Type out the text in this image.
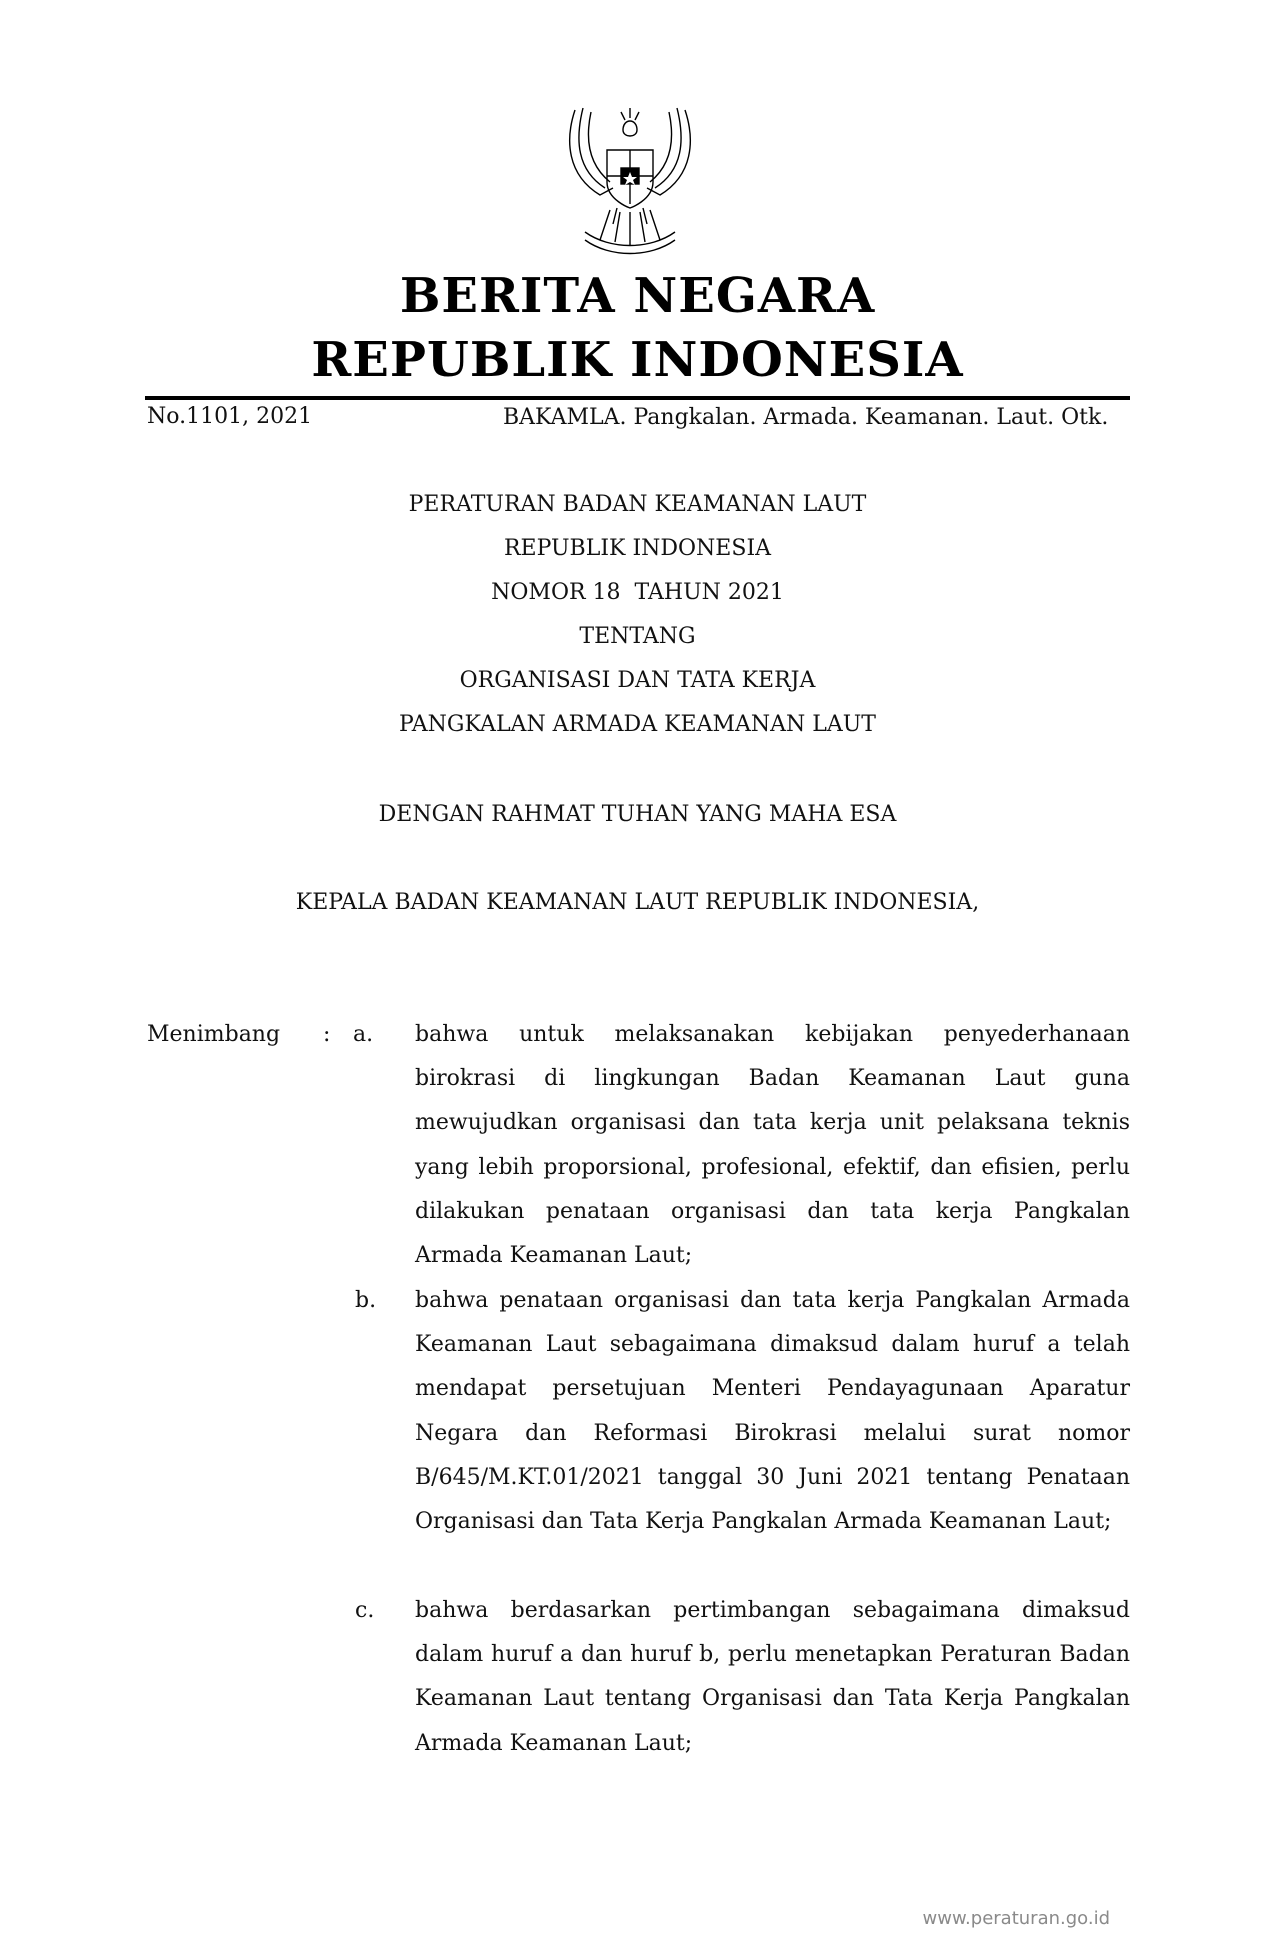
BERITA NEGARA
REPUBLIK INDONESIA
No.1101, 2021	BAKAMLA. Pangkalan. Armada. Keamanan. Laut. Otk.
PERATURAN BADAN KEAMANAN LAUT
REPUBLIK INDONESIA
NOMOR 18  TAHUN 2021
TENTANG
ORGANISASI DAN TATA KERJA
PANGKALAN ARMADA KEAMANAN LAUT
DENGAN RAHMAT TUHAN YANG MAHA ESA
KEPALA BADAN KEAMANAN LAUT REPUBLIK INDONESIA,
Menimbang : a. bahwa untuk melaksanakan kebijakan penyederhanaan birokrasi di lingkungan Badan Keamanan Laut guna mewujudkan organisasi dan tata kerja unit pelaksana teknis yang lebih proporsional, profesional, efektif, dan efisien, perlu dilakukan penataan organisasi dan tata kerja Pangkalan Armada Keamanan Laut;
b. bahwa penataan organisasi dan tata kerja Pangkalan Armada Keamanan Laut sebagaimana dimaksud dalam huruf a telah mendapat persetujuan Menteri Pendayagunaan Aparatur Negara dan Reformasi Birokrasi melalui surat nomor B/645/M.KT.01/2021 tanggal 30 Juni 2021 tentang Penataan Organisasi dan Tata Kerja Pangkalan Armada Keamanan Laut;
c. bahwa berdasarkan pertimbangan sebagaimana dimaksud dalam huruf a dan huruf b, perlu menetapkan Peraturan Badan Keamanan Laut tentang Organisasi dan Tata Kerja Pangkalan Armada Keamanan Laut;
www.peraturan.go.id
